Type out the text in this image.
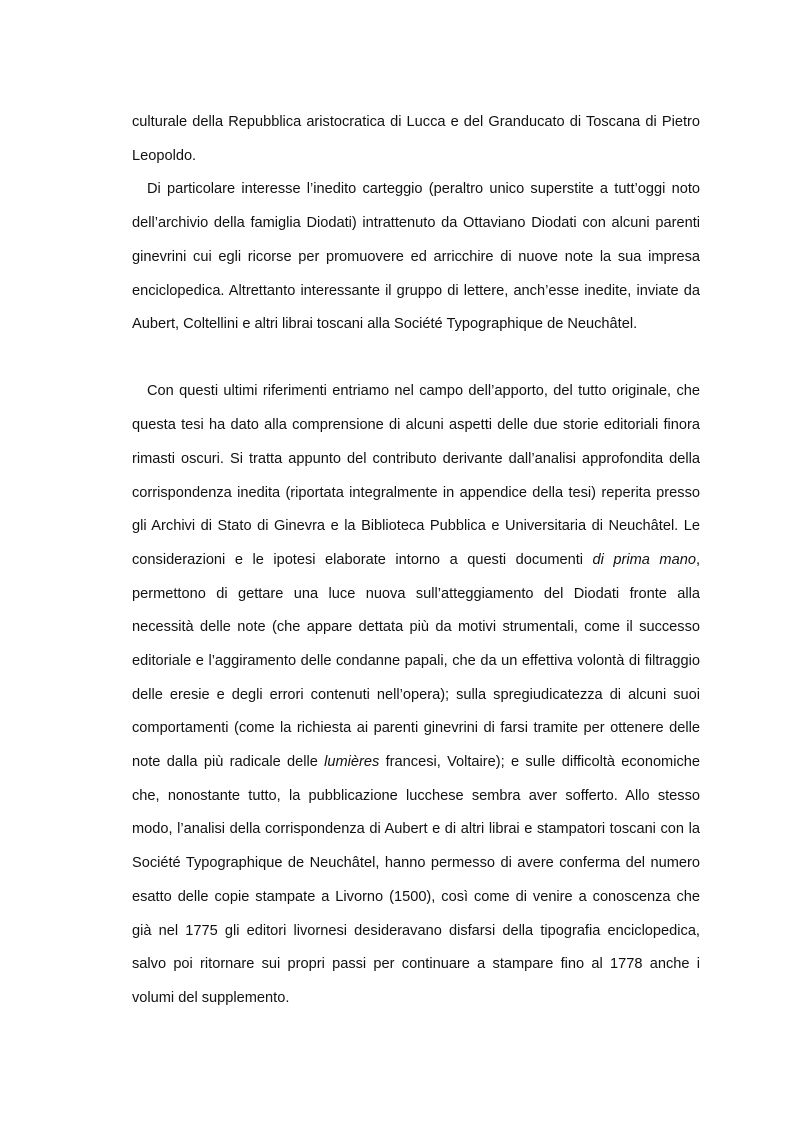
culturale della Repubblica aristocratica di Lucca e del Granducato di Toscana di Pietro
Leopoldo.
Di particolare interesse l’inedito carteggio (peraltro unico superstite a tutt’oggi noto
dell’archivio della famiglia Diodati) intrattenuto da Ottaviano Diodati con alcuni parenti
ginevrini cui egli ricorse per promuovere ed arricchire di nuove note la sua impresa
enciclopedica. Altrettanto interessante il gruppo di lettere, anch’esse inedite, inviate da
Aubert, Coltellini e altri librai toscani alla Société Typographique de Neuchâtel.
Con questi ultimi riferimenti entriamo nel campo dell’apporto, del tutto originale, che
questa tesi ha dato alla comprensione di alcuni aspetti delle due storie editoriali finora
rimasti oscuri. Si tratta appunto del contributo derivante dall’analisi approfondita della
corrispondenza inedita (riportata integralmente in appendice della tesi) reperita presso
gli Archivi di Stato di Ginevra e la Biblioteca Pubblica e Universitaria di Neuchâtel. Le
considerazioni e le ipotesi elaborate intorno a questi documenti di prima mano,
permettono di gettare una luce nuova sull’atteggiamento del Diodati fronte alla
necessità delle note (che appare dettata più da motivi strumentali, come il successo
editoriale e l’aggiramento delle condanne papali, che da un effettiva volontà di filtraggio
delle eresie e degli errori contenuti nell’opera); sulla spregiudicatezza di alcuni suoi
comportamenti (come la richiesta ai parenti ginevrini di farsi tramite per ottenere delle
note dalla più radicale delle lumières francesi, Voltaire); e sulle difficoltà economiche
che, nonostante tutto, la pubblicazione lucchese sembra aver sofferto. Allo stesso
modo, l’analisi della corrispondenza di Aubert e di altri librai e stampatori toscani con la
Société Typographique de Neuchâtel, hanno permesso di avere conferma del numero
esatto delle copie stampate a Livorno (1500), così come di venire a conoscenza che
già nel 1775 gli editori livornesi desideravano disfarsi della tipografia enciclopedica,
salvo poi ritornare sui propri passi per continuare a stampare fino al 1778 anche i
volumi del supplemento.
